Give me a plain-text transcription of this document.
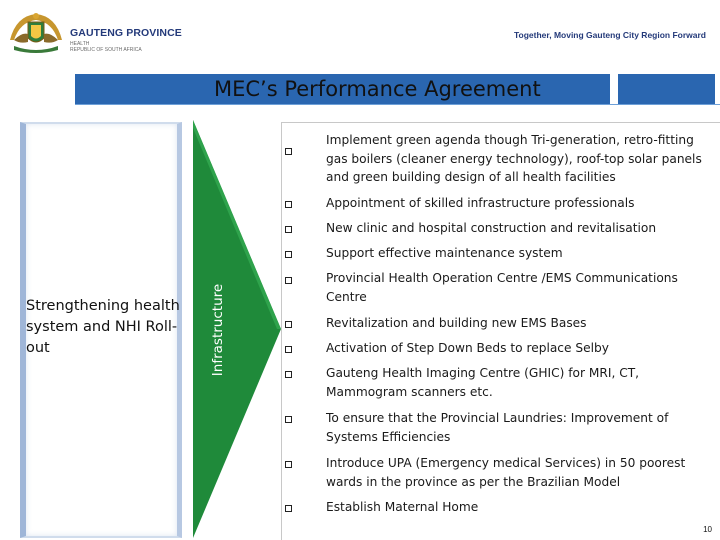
GAUTENG PROVINCE
HEALTH
REPUBLIC OF SOUTH AFRICA
Together, Moving Gauteng City Region Forward
MEC’s Performance Agreement
Strengthening health system and NHI Roll-out	Infrastructure
Implement green agenda though Tri-generation, retro-fitting gas boilers (cleaner energy technology), roof-top solar panels and green building design of all health facilities
Appointment of skilled infrastructure professionals
New clinic and hospital construction and revitalisation
Support effective maintenance system
Provincial Health Operation Centre /EMS Communications Centre
Revitalization and building new EMS Bases
Activation of Step Down Beds to replace Selby
Gauteng Health Imaging Centre (GHIC) for MRI, CT, Mammogram scanners etc.
To ensure that the Provincial Laundries: Improvement of Systems Efficiencies
Introduce UPA (Emergency medical Services) in 50 poorest wards in the province as per the Brazilian Model
Establish Maternal Home
10
